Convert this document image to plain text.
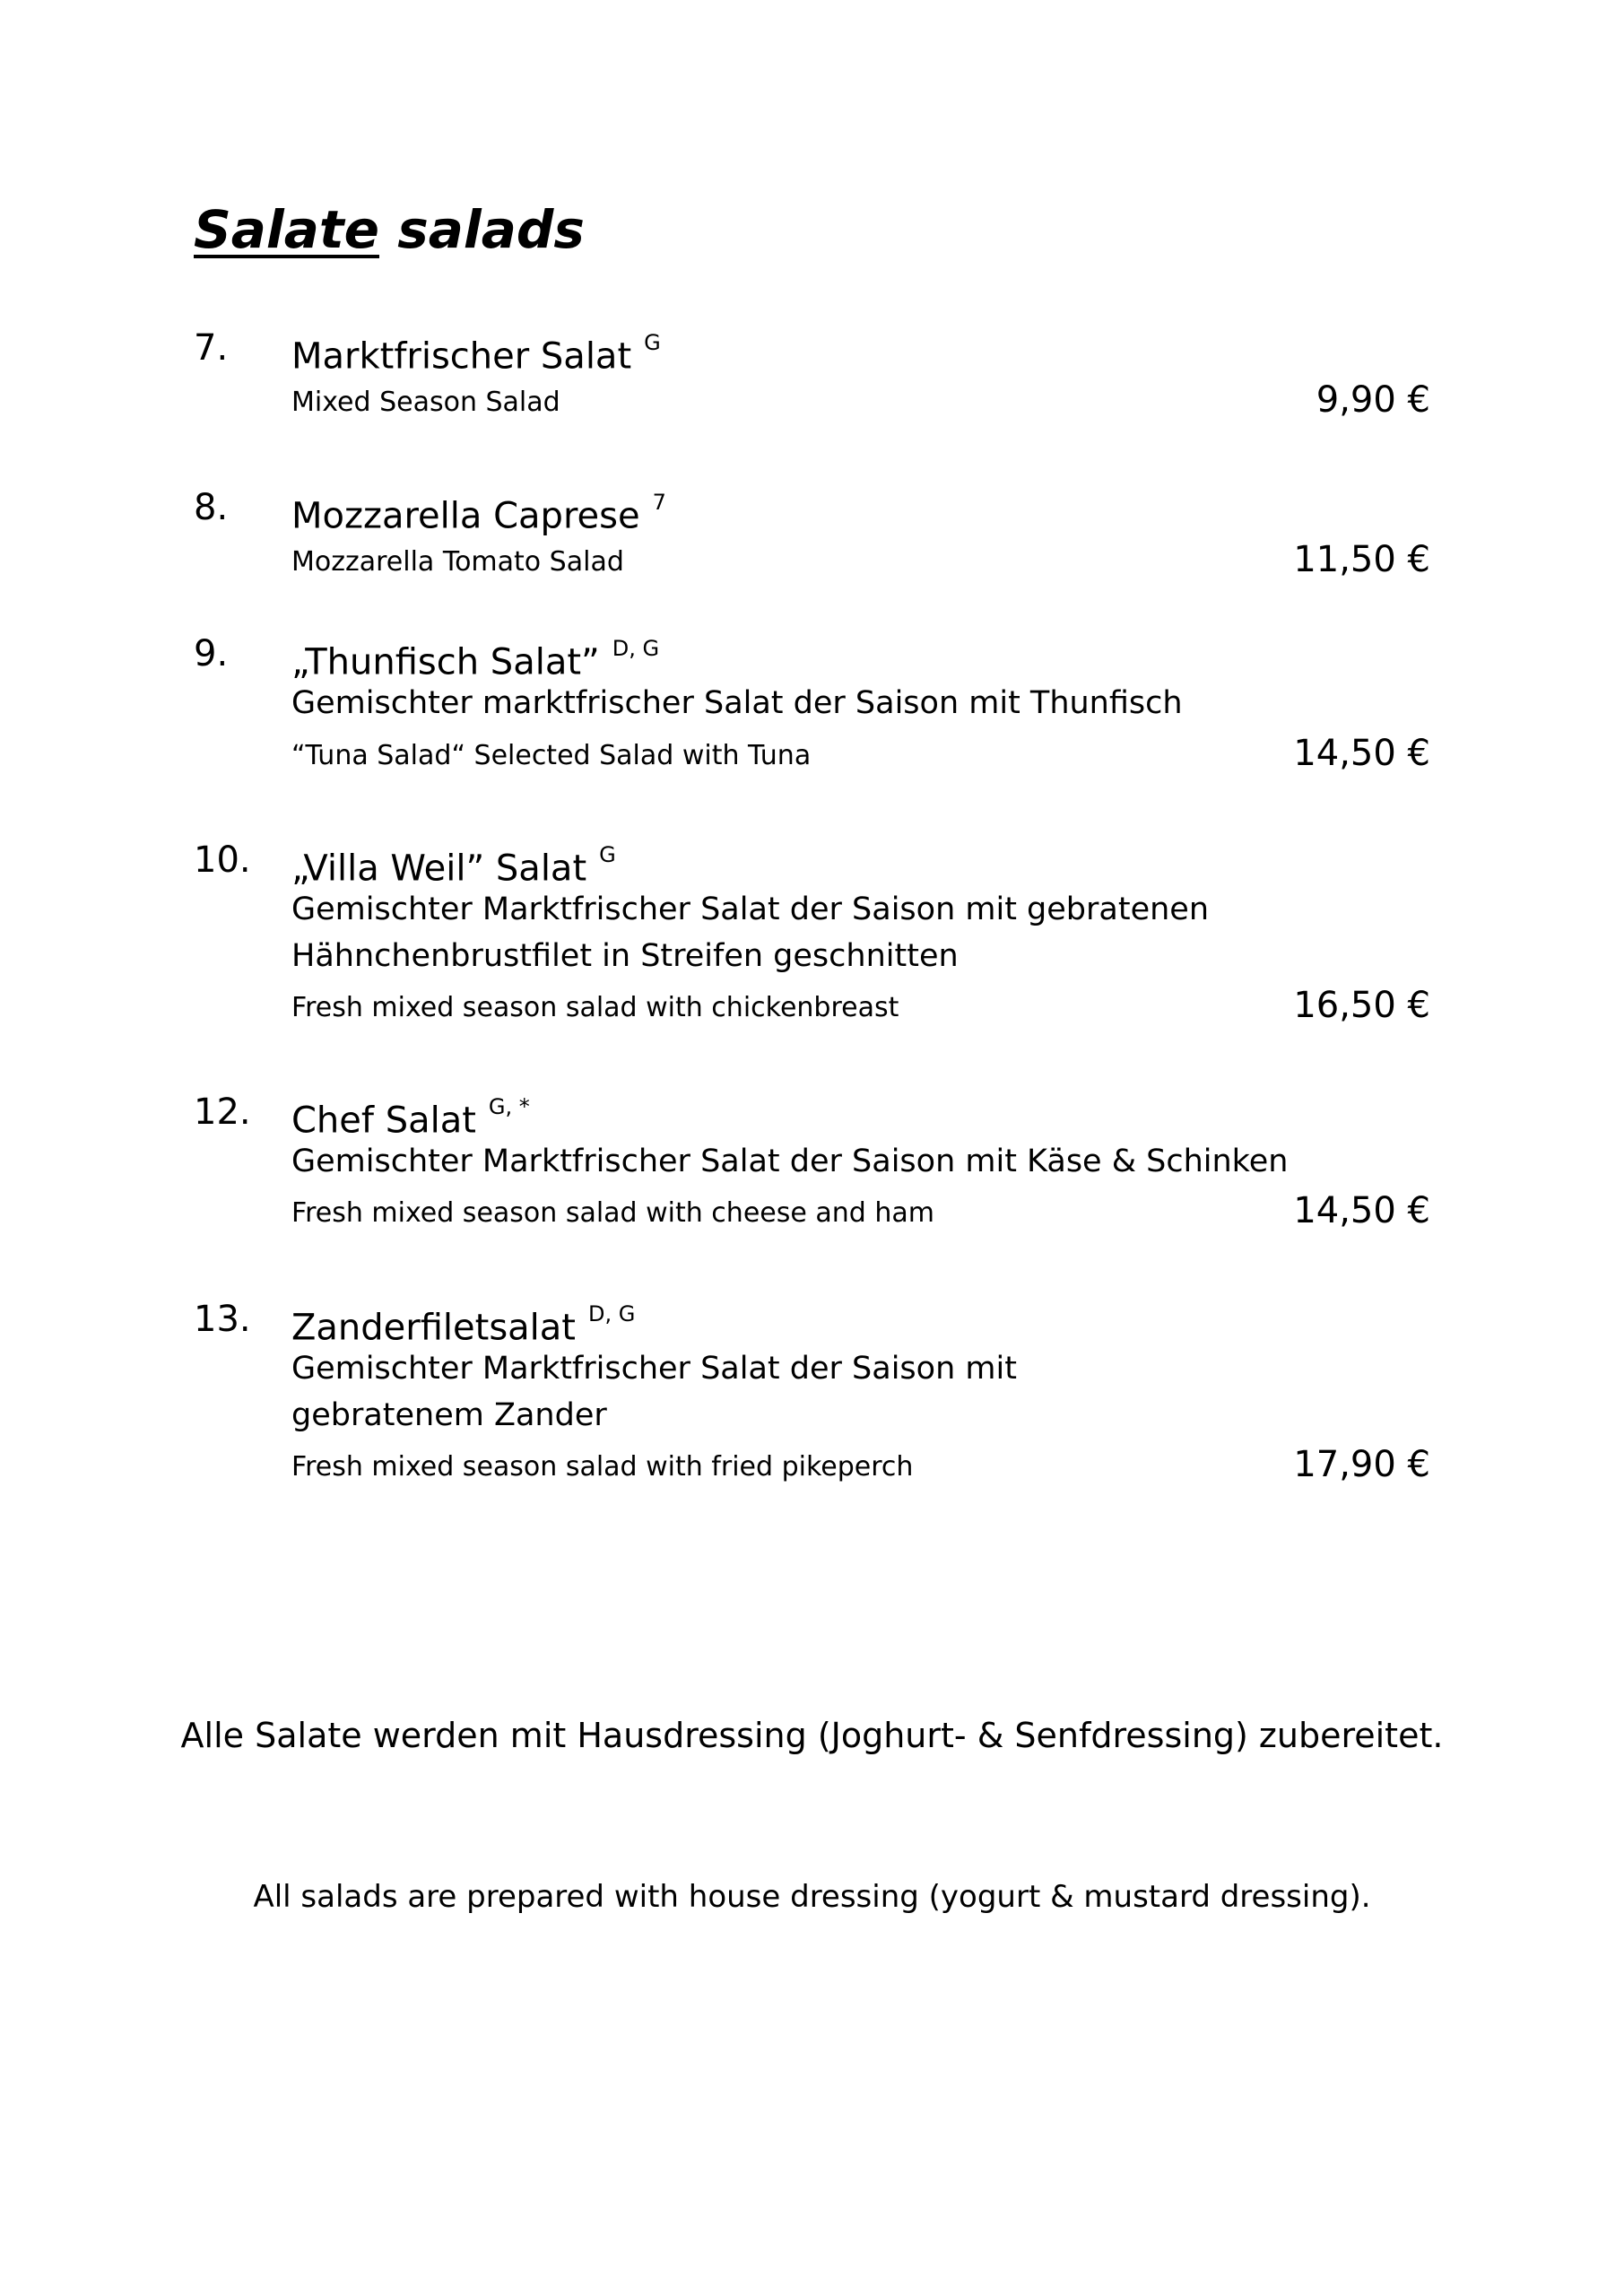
Salate salads
7. Marktfrischer Salat $^G$
Mixed Season Salad	9,90 €
8. Mozzarella Caprese $^7$
Mozzarella Tomato Salad	11,50 €
9. „Thunfisch Salat” $^{D, G}$
Gemischter marktfrischer Salat der Saison mit Thunfisch
“Tuna Salad“ Selected Salad with Tuna	14,50 €
10. „Villa Weil” Salat $^G$
Gemischter Marktfrischer Salat der Saison mit gebratenen
Hähnchenbrustfilet in Streifen geschnitten
Fresh mixed season salad with chickenbreast	16,50 €
12. Chef Salat $^{G, *}$
Gemischter Marktfrischer Salat der Saison mit Käse & Schinken
Fresh mixed season salad with cheese and ham	14,50 €
13. Zanderfiletsalat $^{D, G}$
Gemischter Marktfrischer Salat der Saison mit
gebratenem Zander
Fresh mixed season salad with fried pikeperch	17,90 €
Alle Salate werden mit Hausdressing (Joghurt- & Senfdressing) zubereitet.
All salads are prepared with house dressing (yogurt & mustard dressing).
